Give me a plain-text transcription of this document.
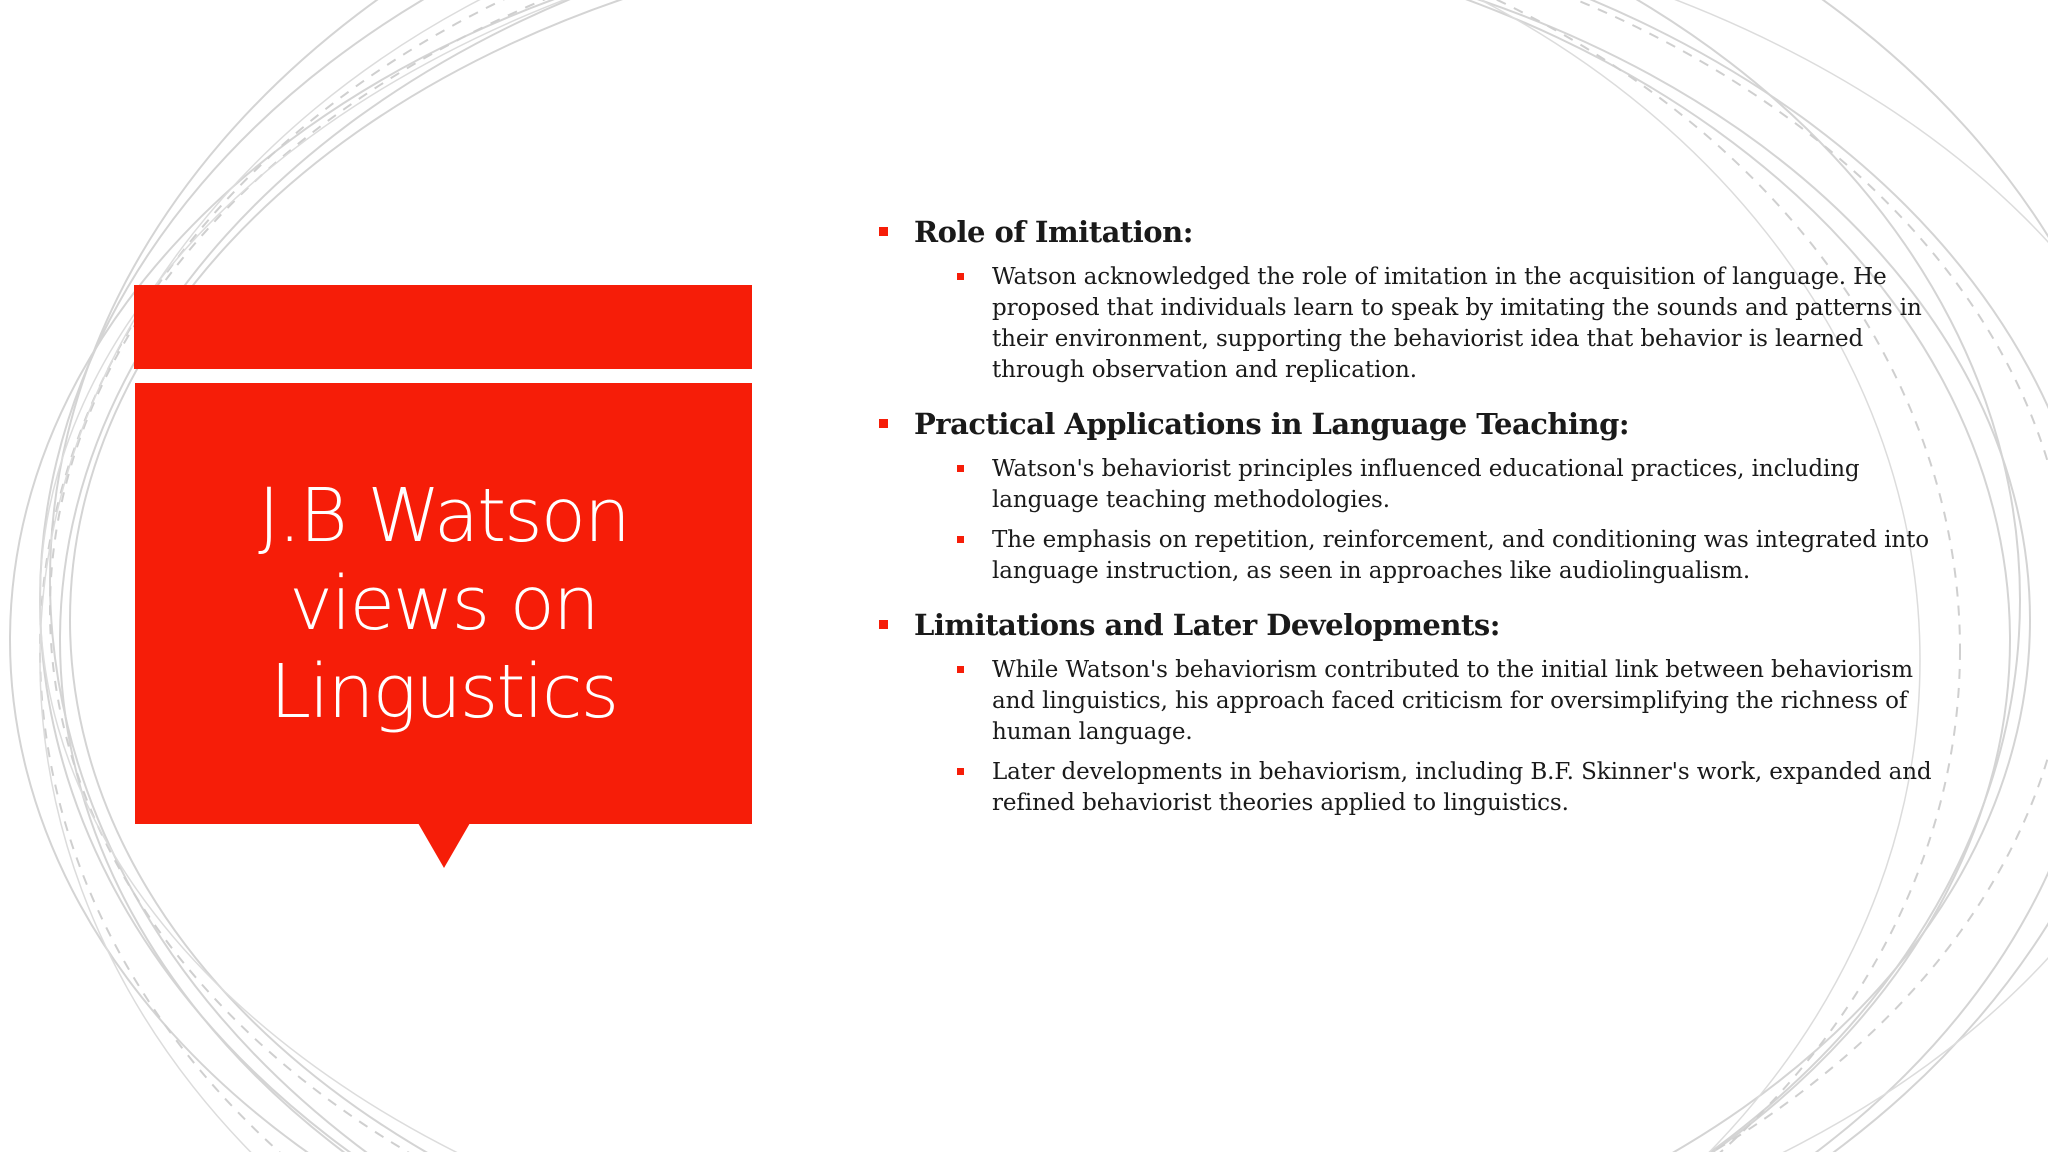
J.B Watson views on Lingustics
Role of Imitation:
Watson acknowledged the role of imitation in the acquisition of language. He proposed that individuals learn to speak by imitating the sounds and patterns in their environment, supporting the behaviorist idea that behavior is learned through observation and replication.
Practical Applications in Language Teaching:
Watson's behaviorist principles influenced educational practices, including language teaching methodologies.
The emphasis on repetition, reinforcement, and conditioning was integrated into language instruction, as seen in approaches like audiolingualism.
Limitations and Later Developments:
While Watson's behaviorism contributed to the initial link between behaviorism and linguistics, his approach faced criticism for oversimplifying the richness of human language.
Later developments in behaviorism, including B.F. Skinner's work, expanded and refined behaviorist theories applied to linguistics.
